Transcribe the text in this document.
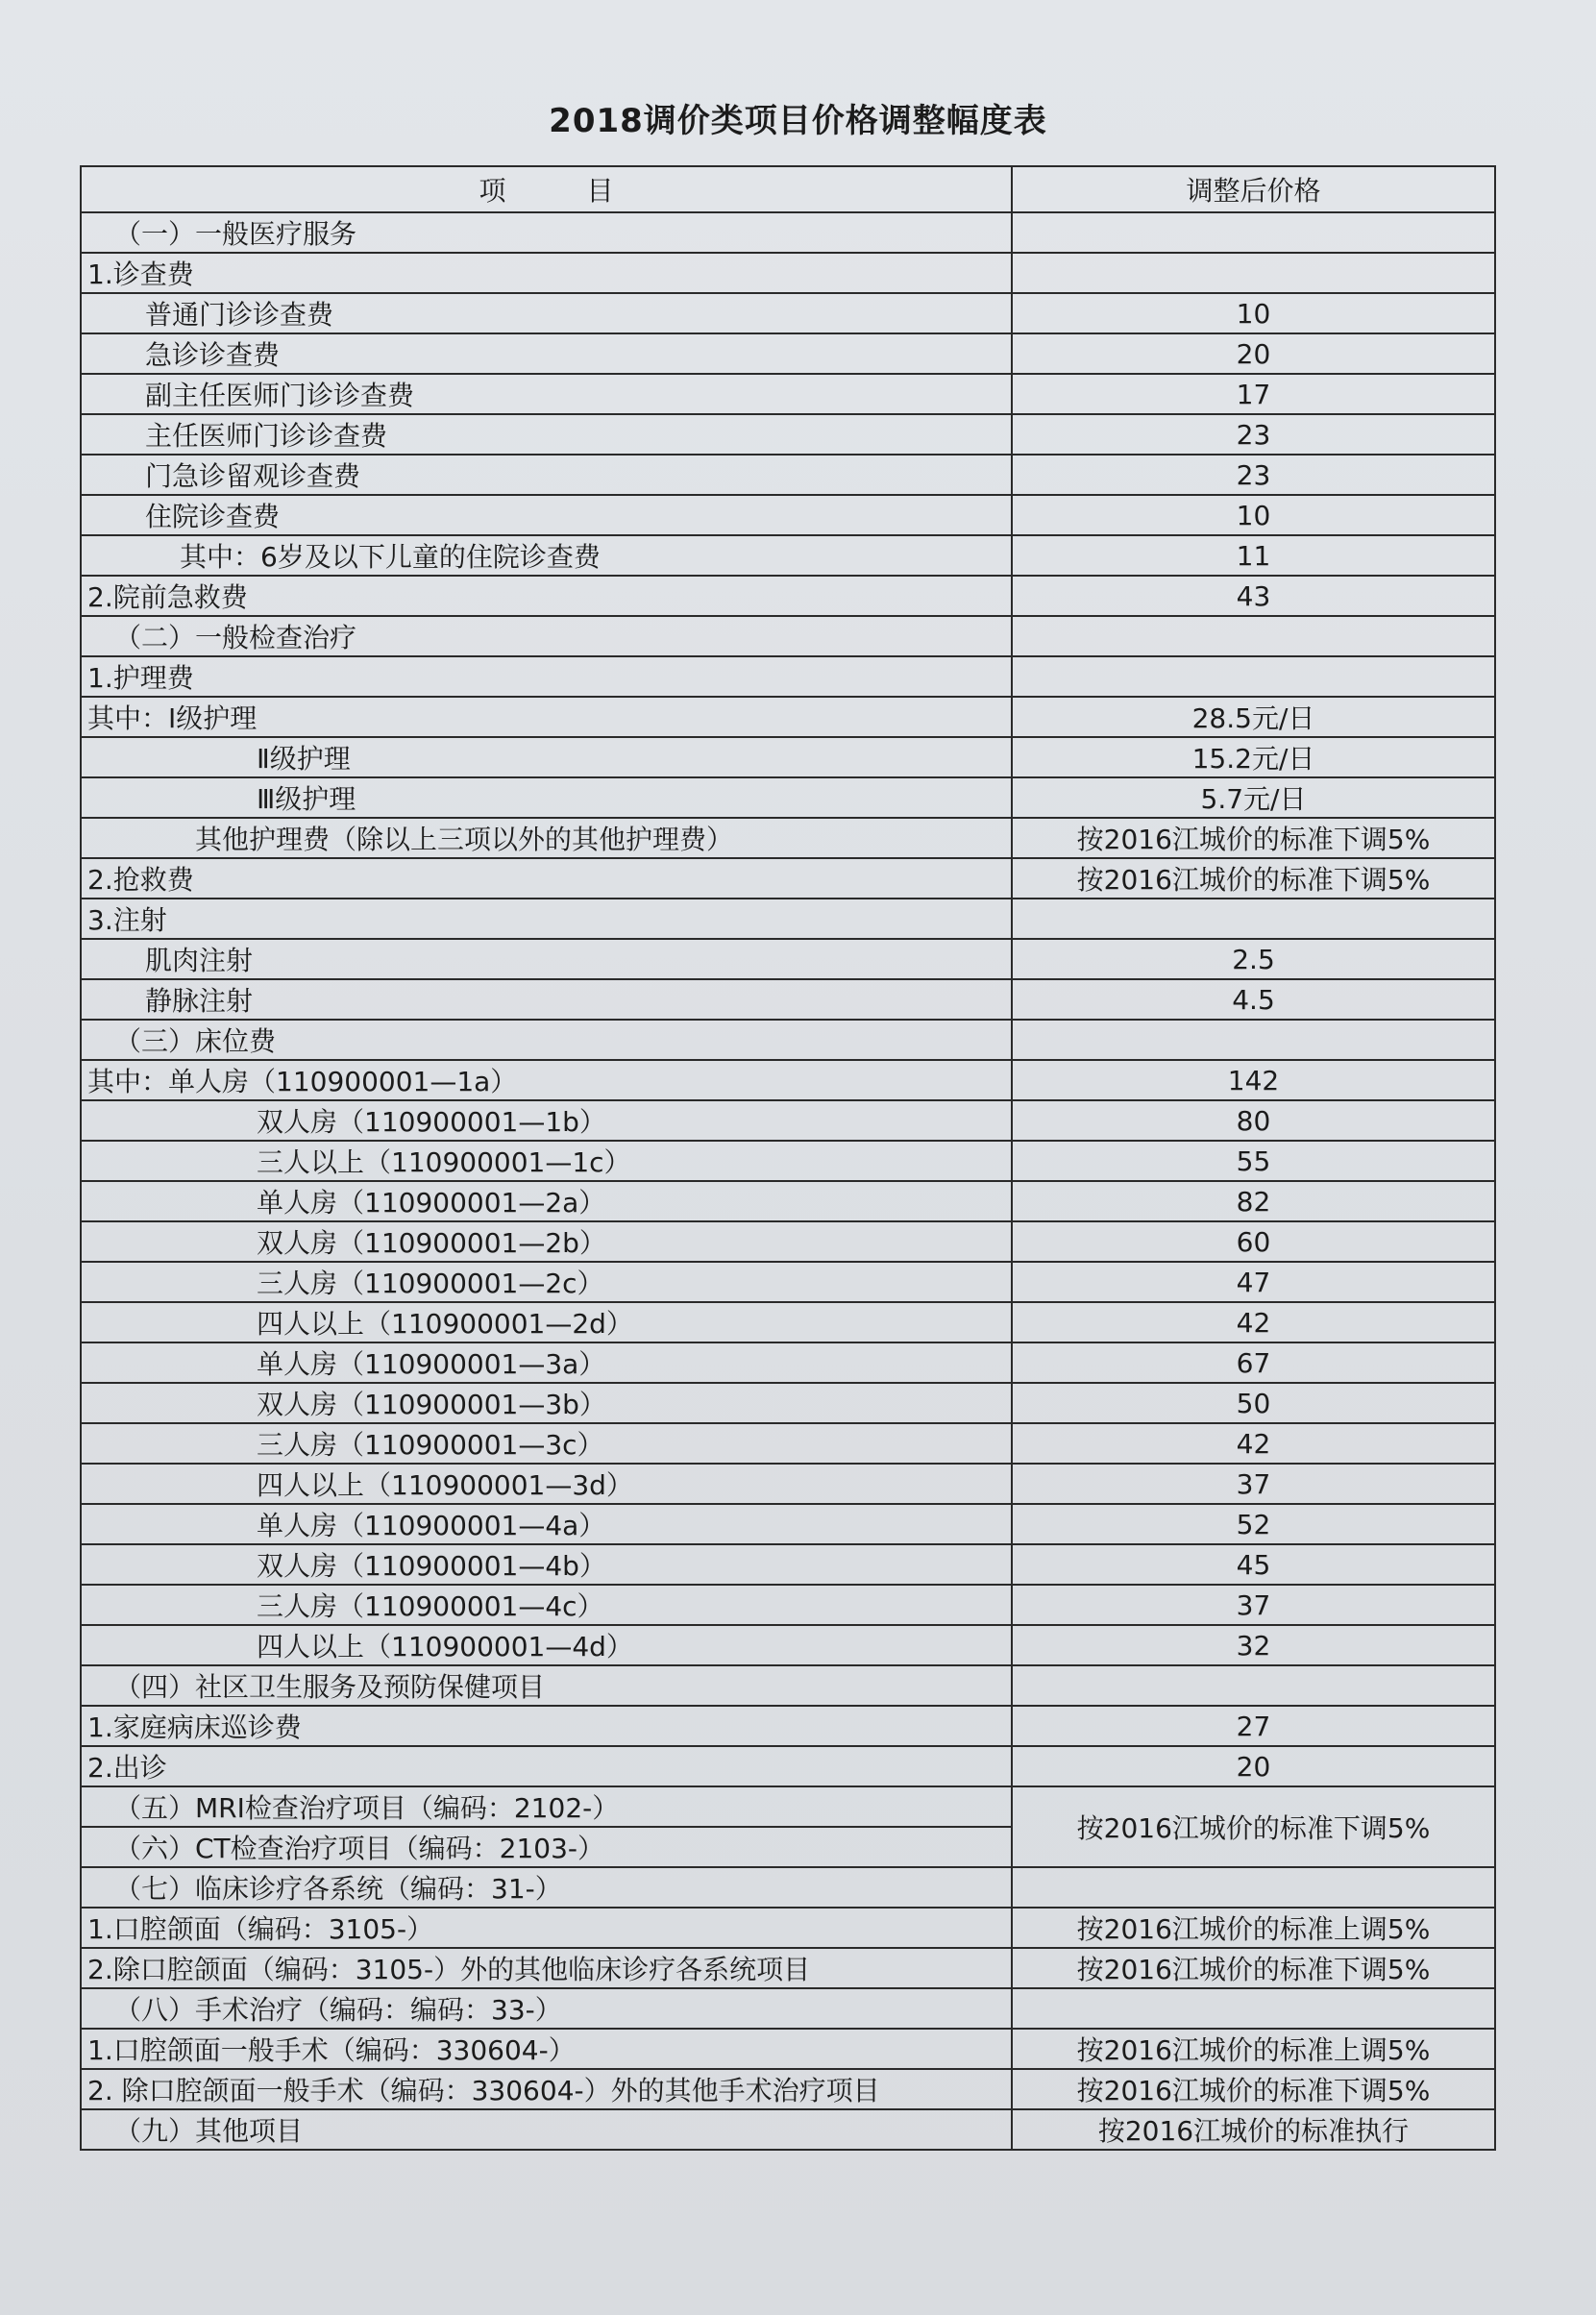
2018调价类项目价格调整幅度表
项　　　目	调整后价格
（一）一般医疗服务	
1.诊查费	
普通门诊诊查费	10
急诊诊查费	20
副主任医师门诊诊查费	17
主任医师门诊诊查费	23
门急诊留观诊查费	23
住院诊查费	10
其中：6岁及以下儿童的住院诊查费	11
2.院前急救费	43
（二）一般检查治疗	
1.护理费	
其中：Ⅰ级护理	28.5元/日
Ⅱ级护理	15.2元/日
Ⅲ级护理	5.7元/日
其他护理费（除以上三项以外的其他护理费）	按2016江城价的标准下调5%
2.抢救费	按2016江城价的标准下调5%
3.注射	
肌肉注射	2.5
静脉注射	4.5
（三）床位费	
其中：单人房（110900001—1a）	142
双人房（110900001—1b）	80
三人以上（110900001—1c）	55
单人房（110900001—2a）	82
双人房（110900001—2b）	60
三人房（110900001—2c）	47
四人以上（110900001—2d）	42
单人房（110900001—3a）	67
双人房（110900001—3b）	50
三人房（110900001—3c）	42
四人以上（110900001—3d）	37
单人房（110900001—4a）	52
双人房（110900001—4b）	45
三人房（110900001—4c）	37
四人以上（110900001—4d）	32
（四）社区卫生服务及预防保健项目	
1.家庭病床巡诊费	27
2.出诊	20
（五）MRI检查治疗项目（编码：2102-）	按2016江城价的标准下调5%
（六）CT检查治疗项目（编码：2103-）	
（七）临床诊疗各系统（编码：31-）	
1.口腔颌面（编码：3105-）	按2016江城价的标准上调5%
2.除口腔颌面（编码：3105-）外的其他临床诊疗各系统项目	按2016江城价的标准下调5%
（八）手术治疗（编码：编码：33-）	
1.口腔颌面一般手术（编码：330604-）	按2016江城价的标准上调5%
2. 除口腔颌面一般手术（编码：330604-）外的其他手术治疗项目	按2016江城价的标准下调5%
（九）其他项目	按2016江城价的标准执行
